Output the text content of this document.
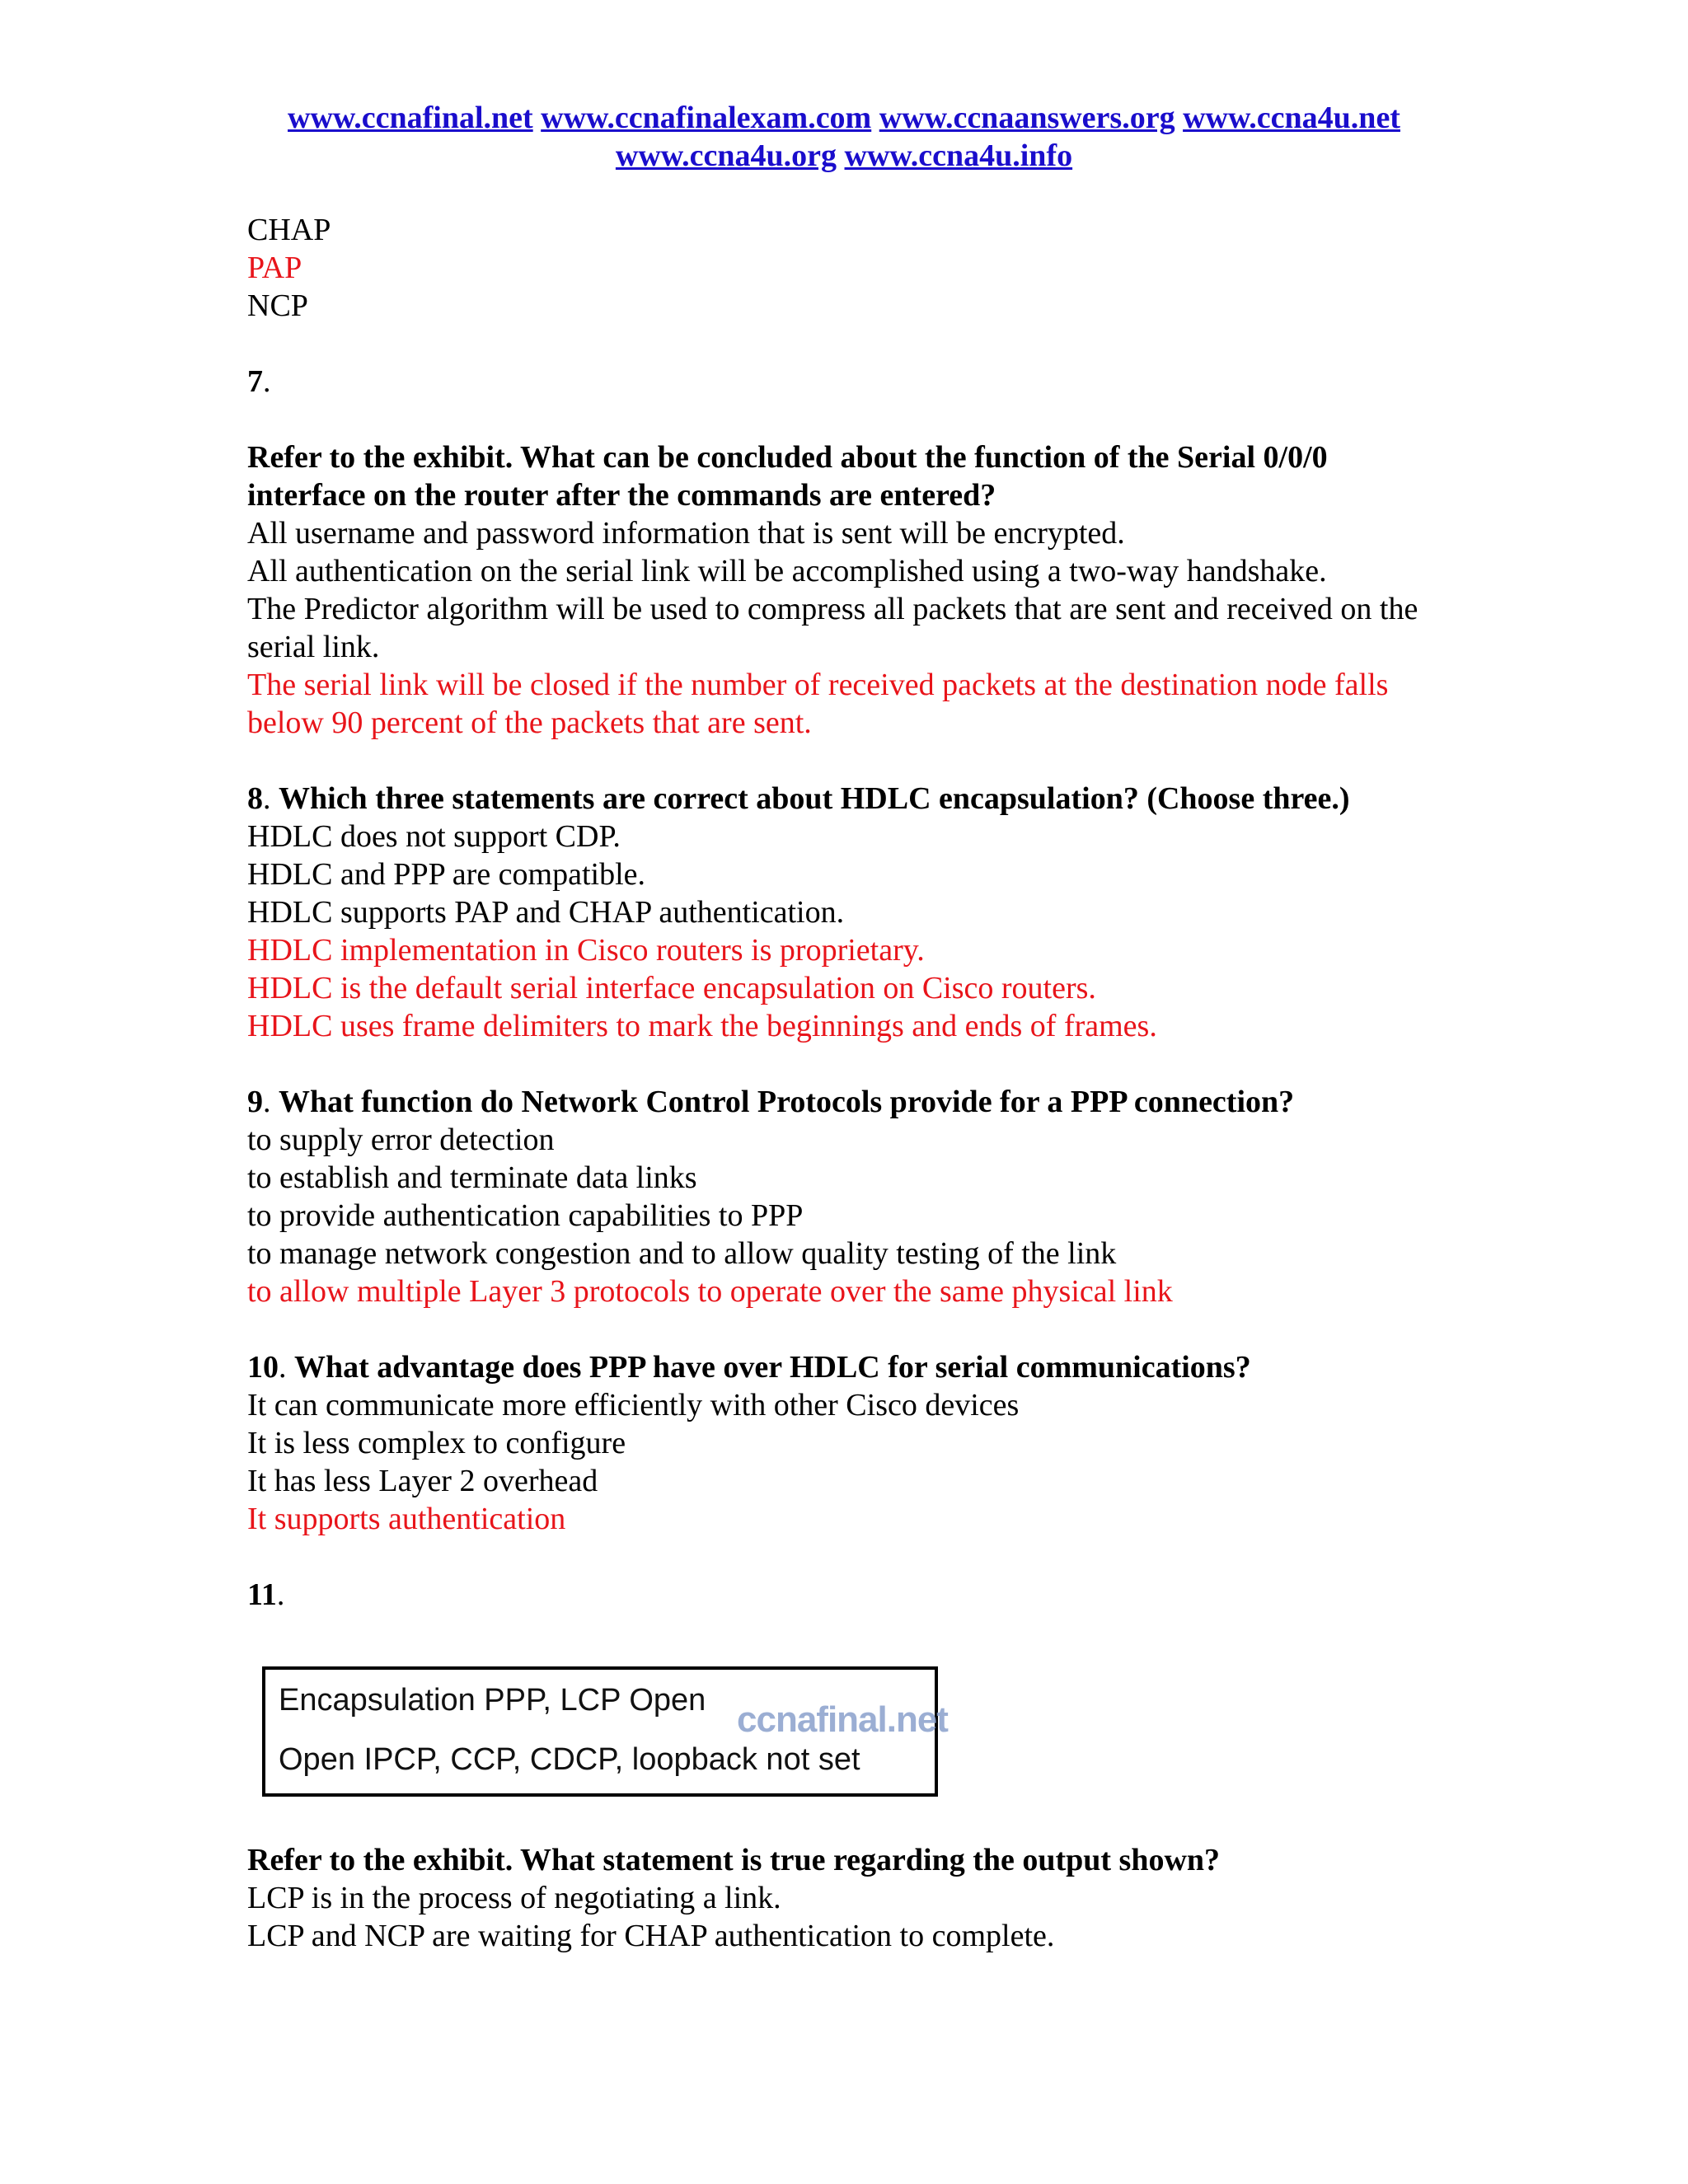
www.ccnafinal.net www.ccnafinalexam.com www.ccnaanswers.org www.ccna4u.net
www.ccna4u.org www.ccna4u.info
CHAP
PAP
NCP
7.
Refer to the exhibit. What can be concluded about the function of the Serial 0/0/0 interface on the router after the commands are entered?
All username and password information that is sent will be encrypted.
All authentication on the serial link will be accomplished using a two-way handshake.
The Predictor algorithm will be used to compress all packets that are sent and received on the serial link.
The serial link will be closed if the number of received packets at the destination node falls below 90 percent of the packets that are sent.
8. Which three statements are correct about HDLC encapsulation? (Choose three.)
HDLC does not support CDP.
HDLC and PPP are compatible.
HDLC supports PAP and CHAP authentication.
HDLC implementation in Cisco routers is proprietary.
HDLC is the default serial interface encapsulation on Cisco routers.
HDLC uses frame delimiters to mark the beginnings and ends of frames.
9. What function do Network Control Protocols provide for a PPP connection?
to supply error detection
to establish and terminate data links
to provide authentication capabilities to PPP
to manage network congestion and to allow quality testing of the link
to allow multiple Layer 3 protocols to operate over the same physical link
10. What advantage does PPP have over HDLC for serial communications?
It can communicate more efficiently with other Cisco devices
It is less complex to configure
It has less Layer 2 overhead
It supports authentication
11.
Encapsulation PPP, LCP Open
Open IPCP, CCP, CDCP, loopback not set
ccnafinal.net
Refer to the exhibit. What statement is true regarding the output shown?
LCP is in the process of negotiating a link.
LCP and NCP are waiting for CHAP authentication to complete.
